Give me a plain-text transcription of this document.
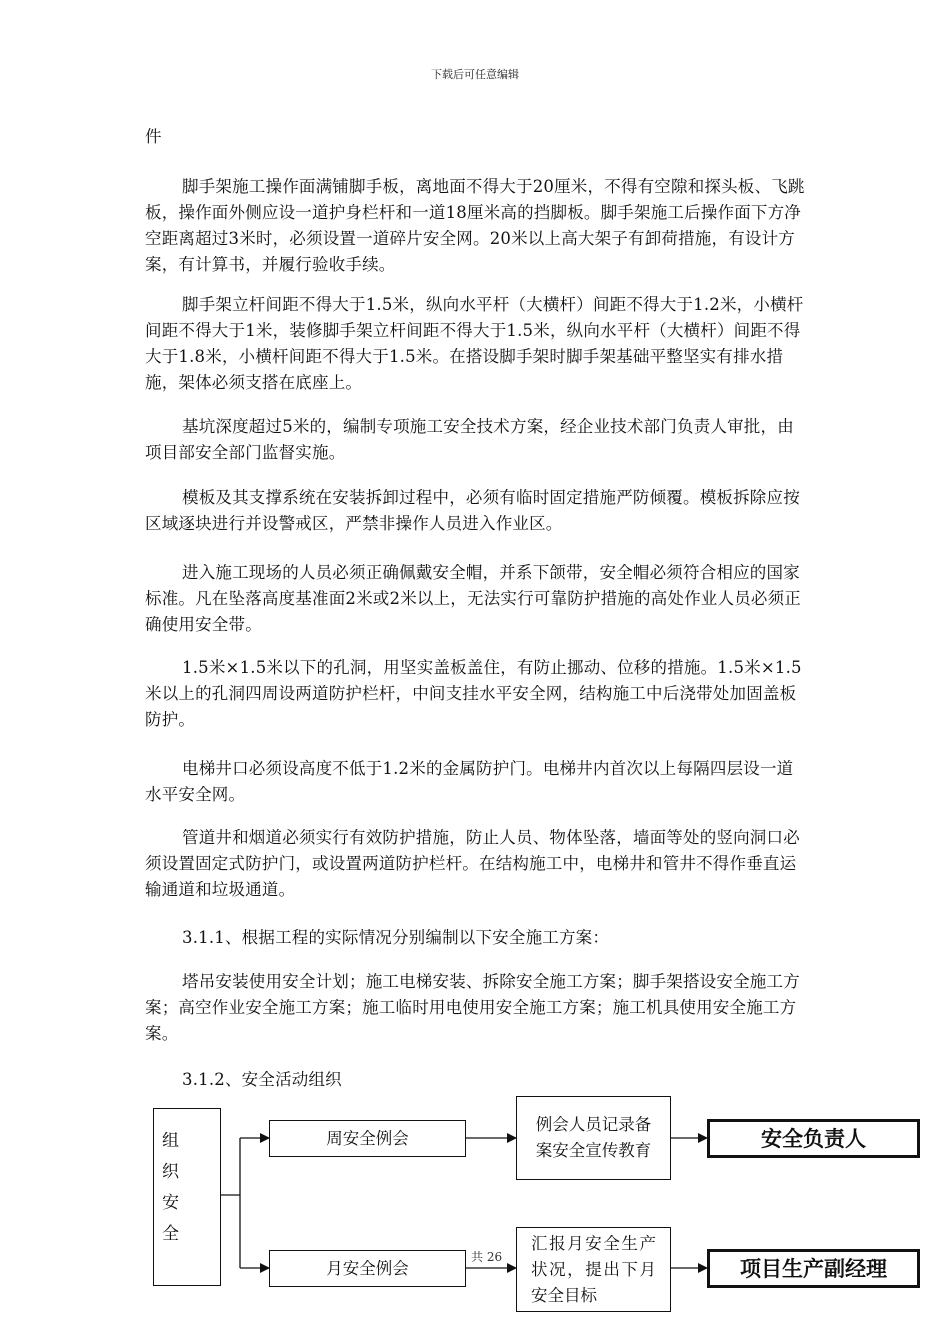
下载后可任意编辑

件

脚手架施工操作面满铺脚手板，离地面不得大于20厘米，不得有空隙和探头板、飞跳板，操作面外侧应设一道护身栏杆和一道18厘米高的挡脚板。脚手架施工后操作面下方净空距离超过3米时，必须设置一道碎片安全网。20米以上高大架子有卸荷措施，有设计方案，有计算书，并履行验收手续。

脚手架立杆间距不得大于1.5米，纵向水平杆（大横杆）间距不得大于1.2米，小横杆间距不得大于1米，装修脚手架立杆间距不得大于1.5米，纵向水平杆（大横杆）间距不得大于1.8米，小横杆间距不得大于1.5米。在搭设脚手架时脚手架基础平整坚实有排水措施，架体必须支搭在底座上。

基坑深度超过5米的，编制专项施工安全技术方案，经企业技术部门负责人审批，由项目部安全部门监督实施。

模板及其支撑系统在安装拆卸过程中，必须有临时固定措施严防倾覆。模板拆除应按区域逐块进行并设警戒区，严禁非操作人员进入作业区。

进入施工现场的人员必须正确佩戴安全帽，并系下颌带，安全帽必须符合相应的国家标准。凡在坠落高度基准面2米或2米以上，无法实行可靠防护措施的高处作业人员必须正确使用安全带。

1.5米×1.5米以下的孔洞，用坚实盖板盖住，有防止挪动、位移的措施。1.5米×1.5米以上的孔洞四周设两道防护栏杆，中间支挂水平安全网，结构施工中后浇带处加固盖板防护。

电梯井口必须设高度不低于1.2米的金属防护门。电梯井内首次以上每隔四层设一道水平安全网。

管道井和烟道必须实行有效防护措施，防止人员、物体坠落，墙面等处的竖向洞口必须设置固定式防护门，或设置两道防护栏杆。在结构施工中，电梯井和管井不得作垂直运输通道和垃圾通道。

3.1.1、根据工程的实际情况分别编制以下安全施工方案：

塔吊安装使用安全计划；施工电梯安装、拆除安全施工方案；脚手架搭设安全施工方案；高空作业安全施工方案；施工临时用电使用安全施工方案；施工机具使用安全施工方案。

3.1.2、安全活动组织

组织安全
周安全例会
月安全例会
例会人员记录备案安全宣传教育
汇报月安全生产状况，提出下月安全目标
安全负责人
项目生产副经理
共 26
